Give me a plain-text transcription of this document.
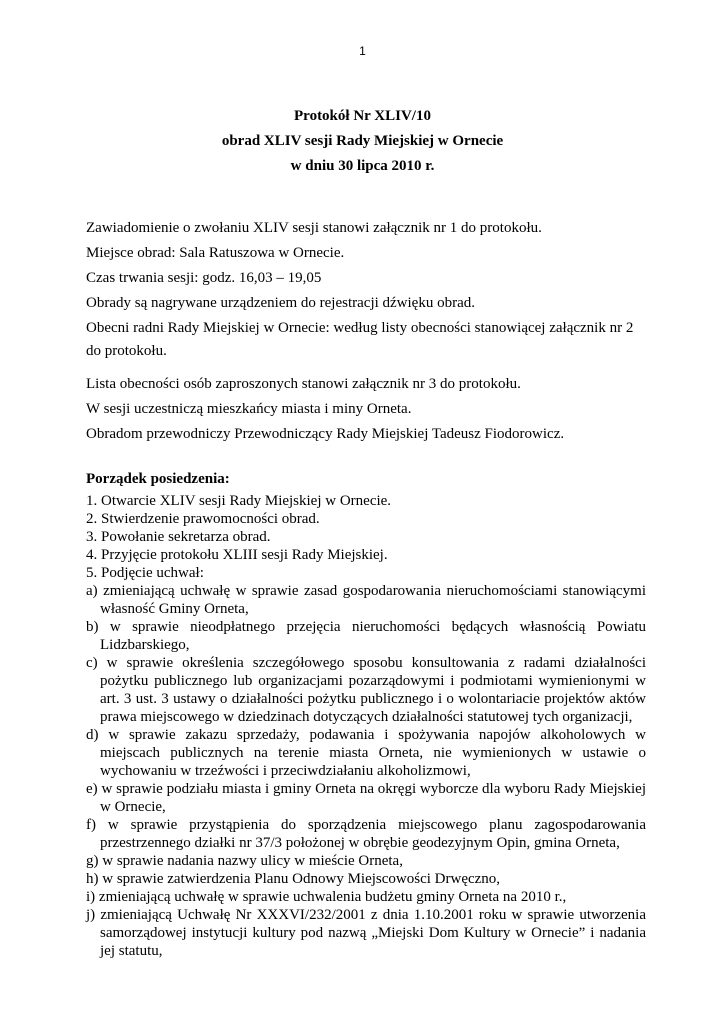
1
Protokół Nr XLIV/10
obrad XLIV sesji Rady Miejskiej w Ornecie
w dniu 30 lipca 2010 r.

Zawiadomienie o zwołaniu XLIV sesji stanowi załącznik nr 1 do protokołu.

Miejsce obrad: Sala Ratuszowa w Ornecie.

Czas trwania sesji: godz. 16,03 – 19,05

Obrady są nagrywane urządzeniem do rejestracji dźwięku obrad.

Obecni radni Rady Miejskiej w Ornecie: według listy obecności stanowiącej załącznik nr 2 do protokołu.

Lista obecności osób zaproszonych stanowi załącznik nr 3 do protokołu.

W sesji uczestniczą mieszkańcy miasta i miny Orneta.

Obradom przewodniczy Przewodniczący Rady Miejskiej Tadeusz Fiodorowicz.

Porządek posiedzenia:

1. Otwarcie XLIV sesji Rady Miejskiej w Ornecie.
2. Stwierdzenie prawomocności obrad.
3. Powołanie sekretarza obrad.
4. Przyjęcie protokołu XLIII sesji Rady Miejskiej.
5. Podjęcie uchwał:
a) zmieniającą uchwałę w sprawie zasad gospodarowania nieruchomościami stanowiącymi własność Gminy Orneta,
b) w sprawie nieodpłatnego przejęcia nieruchomości będących własnością Powiatu Lidzbarskiego,
c) w sprawie określenia szczegółowego sposobu konsultowania z radami działalności pożytku publicznego lub organizacjami pozarządowymi i podmiotami wymienionymi w art. 3 ust. 3 ustawy o działalności pożytku publicznego i o wolontariacie projektów aktów prawa miejscowego w dziedzinach dotyczących działalności statutowej tych organizacji,
d) w sprawie zakazu sprzedaży, podawania i spożywania napojów alkoholowych w miejscach publicznych na terenie miasta Orneta, nie wymienionych w ustawie o wychowaniu w trzeźwości i przeciwdziałaniu alkoholizmowi,
e) w sprawie podziału miasta i gminy Orneta na okręgi wyborcze dla wyboru Rady Miejskiej w Ornecie,
f) w sprawie przystąpienia do sporządzenia miejscowego planu zagospodarowania przestrzennego działki nr 37/3 położonej w obrębie geodezyjnym Opin, gmina Orneta,
g) w sprawie nadania nazwy ulicy w mieście Orneta,
h) w sprawie zatwierdzenia Planu Odnowy Miejscowości Drwęczno,
i) zmieniającą uchwałę w sprawie uchwalenia budżetu gminy Orneta na 2010 r.,
j) zmieniającą Uchwałę Nr XXXVI/232/2001 z dnia 1.10.2001 roku w sprawie utworzenia samorządowej instytucji kultury pod nazwą „Miejski Dom Kultury w Ornecie” i nadania jej statutu,
